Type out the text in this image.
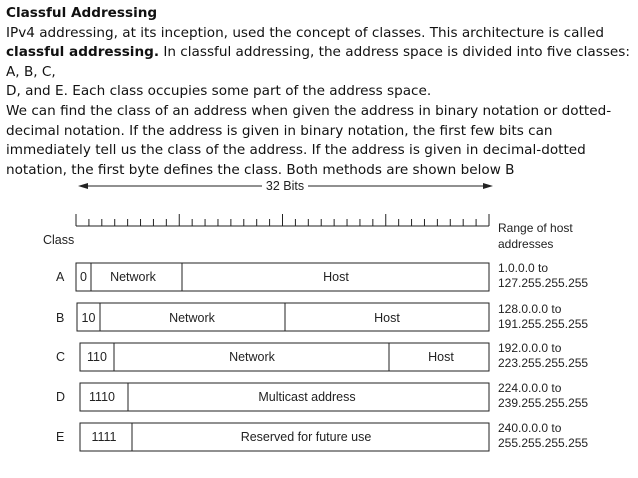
Classful Addressing

IPv4 addressing, at its inception, used the concept of classes. This architecture is called
classful addressing. In classful addressing, the address space is divided into five classes: A, B, C,
D, and E. Each class occupies some part of the address space.

We can find the class of an address when given the address in binary notation or dotted-decimal notation. If the address is given in binary notation, the first few bits can immediately tell us the class of the address. If the address is given in decimal-dotted notation, the first byte defines the class. Both methods are shown below B

32 Bits
Class
Range of host
addresses
A 0 Network	Host
1.0.0.0 to
127.255.255.255
B 10	Network	Host
128.0.0.0 to
191.255.255.255
C 110	Network	Host
192.0.0.0 to
223.255.255.255
D 1110	Multicast address
224.0.0.0 to
239.255.255.255
E 1111	Reserved for future use
240.0.0.0 to
255.255.255.255
